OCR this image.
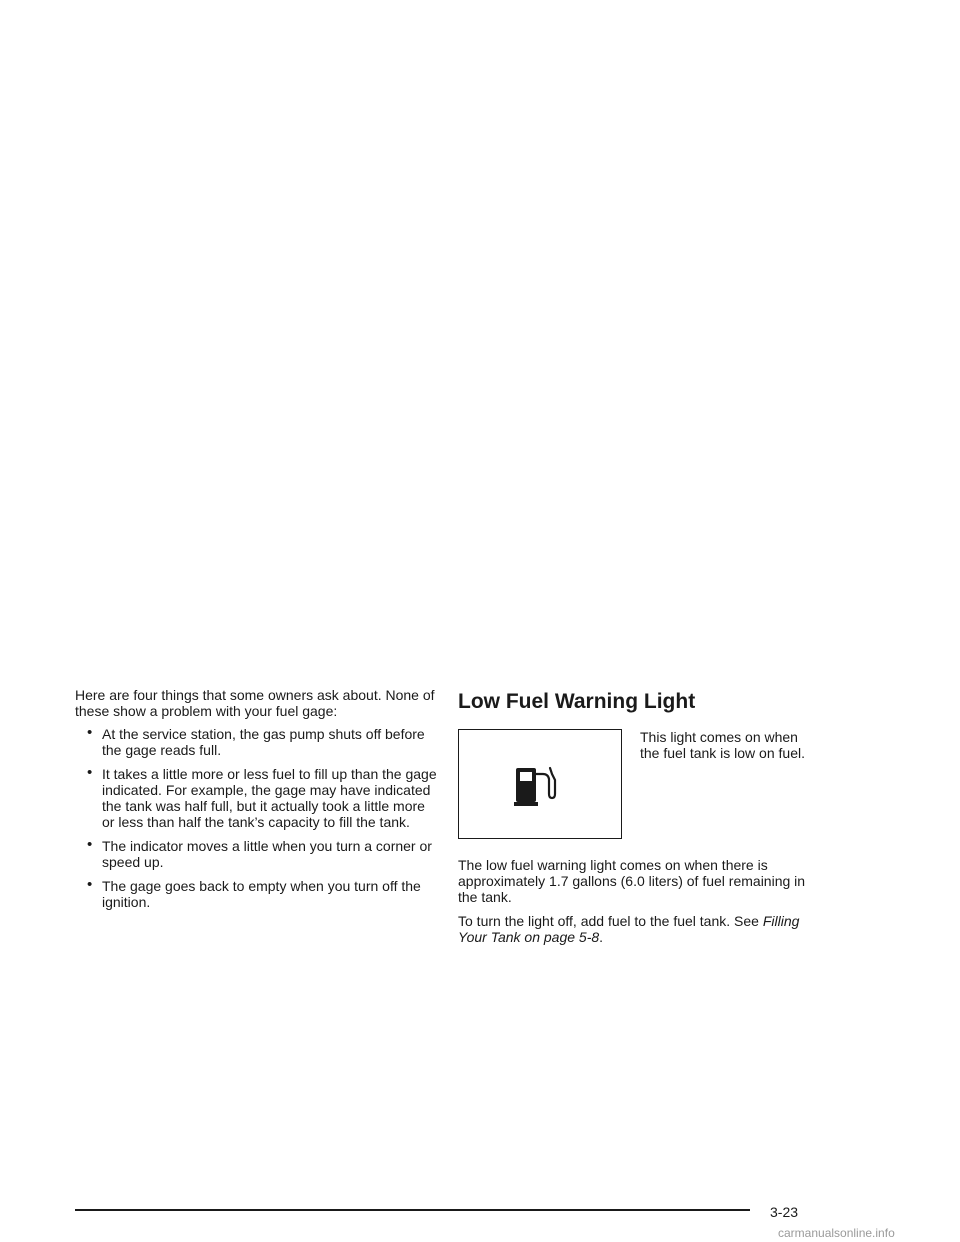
Here are four things that some owners ask about. None of these show a problem with your fuel gage:

• At the service station, the gas pump shuts off before the gage reads full.
• It takes a little more or less fuel to fill up than the gage indicated. For example, the gage may have indicated the tank was half full, but it actually took a little more or less than half the tank’s capacity to fill the tank.
• The indicator moves a little when you turn a corner or speed up.
• The gage goes back to empty when you turn off the ignition.
Low Fuel Warning Light
This light comes on when the fuel tank is low on fuel.

The low fuel warning light comes on when there is approximately 1.7 gallons (6.0 liters) of fuel remaining in the tank.

To turn the light off, add fuel to the fuel tank. See Filling Your Tank on page 5-8.

3-23
carmanualsonline.info
